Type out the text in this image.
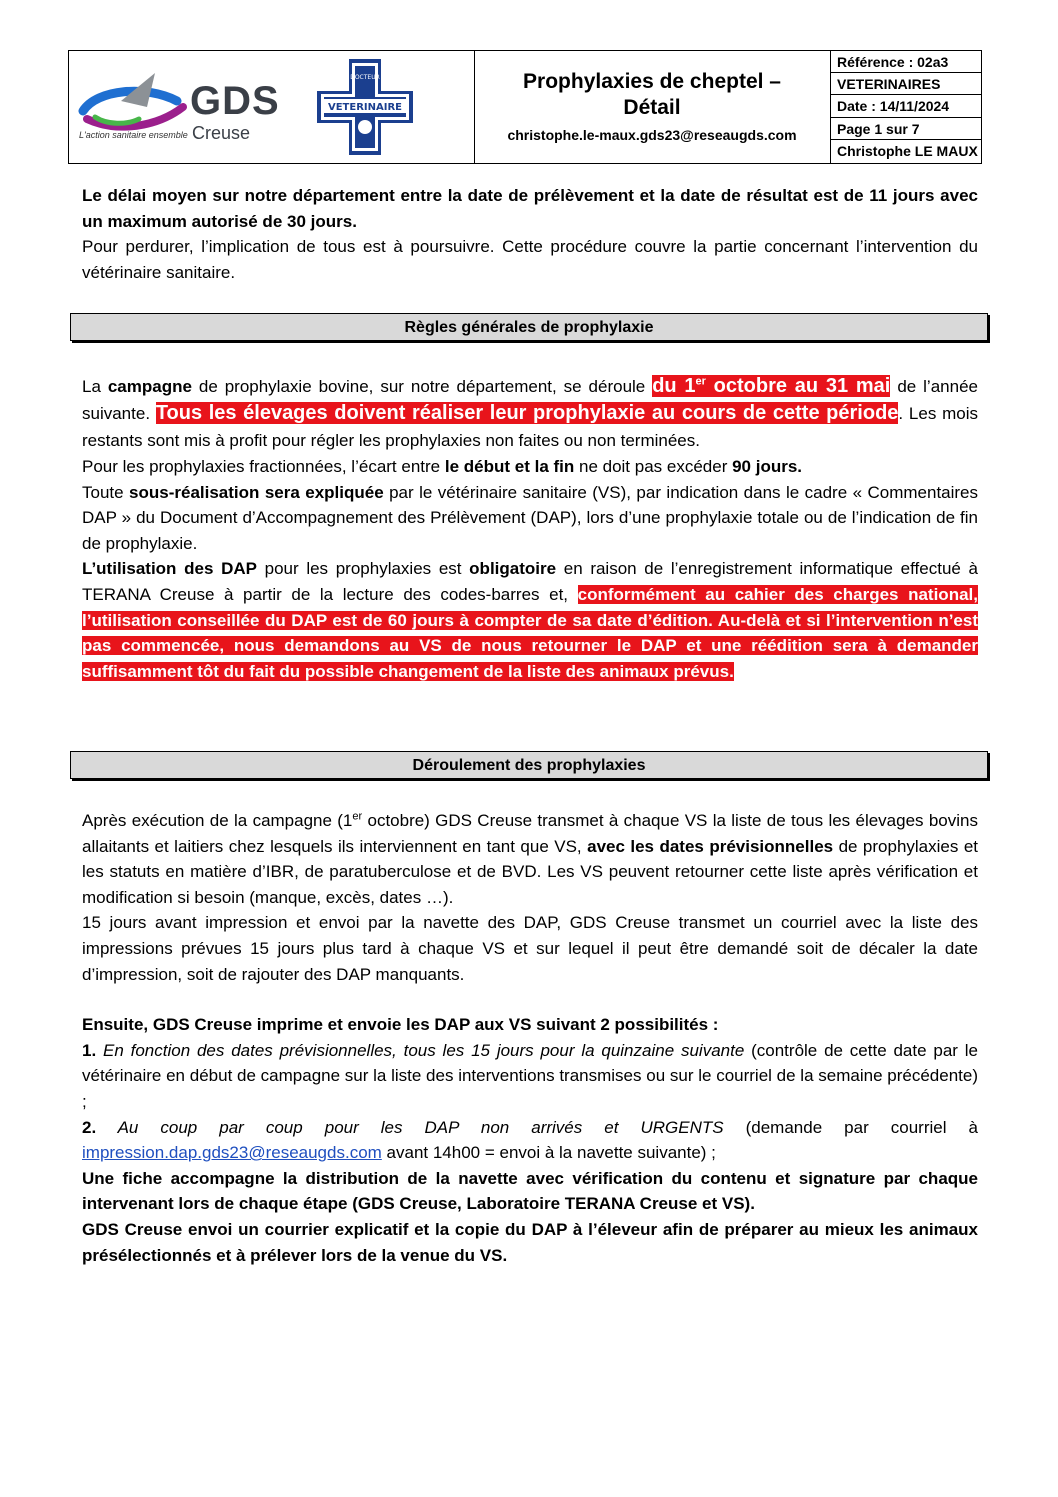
GDS
Creuse
L'action sanitaire ensemble
DOCTEUR
VETERINAIRE
Prophylaxies de cheptel –
Détail
christophe.le-maux.gds23@reseaugds.com
Référence : 02a3
VETERINAIRES
Date : 14/11/2024
Page 1 sur 7
Christophe LE MAUX

Le délai moyen sur notre département entre la date de prélèvement et la date de résultat est de 11 jours avec un maximum autorisé de 30 jours.

Pour perdurer, l’implication de tous est à poursuivre. Cette procédure couvre la partie concernant l’intervention du vétérinaire sanitaire.

Règles générales de prophylaxie

La campagne de prophylaxie bovine, sur notre département, se déroule du 1er octobre au 31 mai de l’année suivante. Tous les élevages doivent réaliser leur prophylaxie au cours de cette période. Les mois restants sont mis à profit pour régler les prophylaxies non faites ou non terminées.

Pour les prophylaxies fractionnées, l’écart entre le début et la fin ne doit pas excéder 90 jours.

Toute sous-réalisation sera expliquée par le vétérinaire sanitaire (VS), par indication dans le cadre « Commentaires DAP » du Document d’Accompagnement des Prélèvement (DAP), lors d’une prophylaxie totale ou de l’indication de fin de prophylaxie.

L’utilisation des DAP pour les prophylaxies est obligatoire en raison de l’enregistrement informatique effectué à TERANA Creuse à partir de la lecture des codes-barres et, conformément au cahier des charges national, l’utilisation conseillée du DAP est de 60 jours à compter de sa date d’édition. Au-delà et si l’intervention n’est pas commencée, nous demandons au VS de nous retourner le DAP et une réédition sera à demander suffisamment tôt du fait du possible changement de la liste des animaux prévus.

Déroulement des prophylaxies

Après exécution de la campagne (1er octobre) GDS Creuse transmet à chaque VS la liste de tous les élevages bovins allaitants et laitiers chez lesquels ils interviennent en tant que VS, avec les dates prévisionnelles de prophylaxies et les statuts en matière d’IBR, de paratuberculose et de BVD. Les VS peuvent retourner cette liste après vérification et modification si besoin (manque, excès, dates …).

15 jours avant impression et envoi par la navette des DAP, GDS Creuse transmet un courriel avec la liste des impressions prévues 15 jours plus tard à chaque VS et sur lequel il peut être demandé soit de décaler la date d’impression, soit de rajouter des DAP manquants.

Ensuite, GDS Creuse imprime et envoie les DAP aux VS suivant 2 possibilités :

1. En fonction des dates prévisionnelles, tous les 15 jours pour la quinzaine suivante (contrôle de cette date par le vétérinaire en début de campagne sur la liste des interventions transmises ou sur le courriel de la semaine précédente) ;

2. Au coup par coup pour les DAP non arrivés et URGENTS (demande par courriel à impression.dap.gds23@reseaugds.com avant 14h00 = envoi à la navette suivante) ;

Une fiche accompagne la distribution de la navette avec vérification du contenu et signature par chaque intervenant lors de chaque étape (GDS Creuse, Laboratoire TERANA Creuse et VS).

GDS Creuse envoi un courrier explicatif et la copie du DAP à l’éleveur afin de préparer au mieux les animaux présélectionnés et à prélever lors de la venue du VS.
